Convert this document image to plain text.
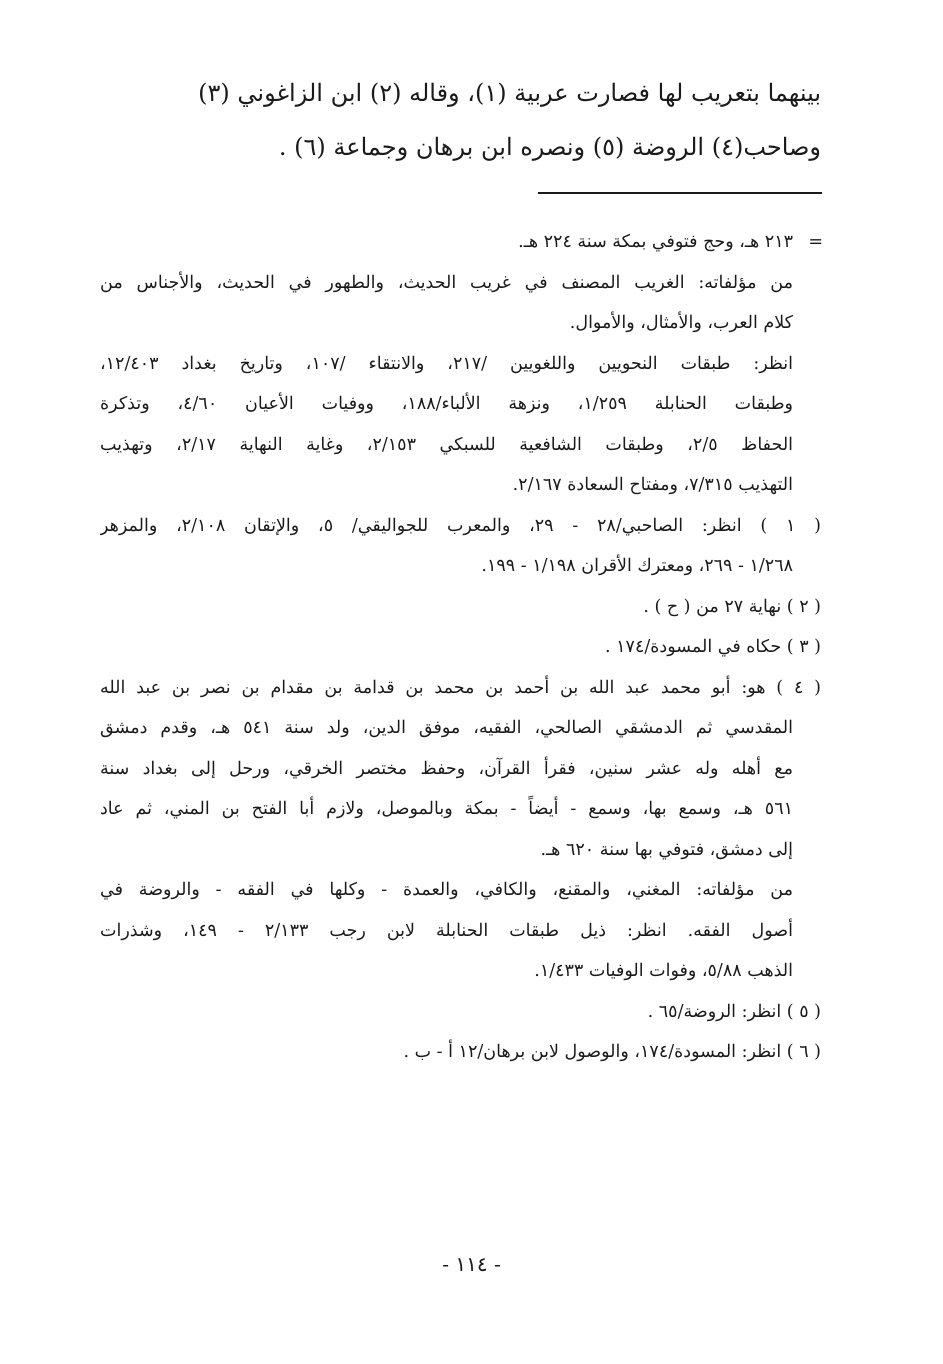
بينهما بتعريب لها فصارت عربية (١)، وقاله (٢) ابن الزاغوني (٣)

وصاحب(٤) الروضة (٥) ونصره ابن برهان وجماعة (٦) .

=
٢١٣ هـ، وحج فتوفي بمكة سنة ٢٢٤ هـ.
من مؤلفاته: الغريب المصنف في غريب الحديث، والطهور في الحديث، والأجناس من
كلام العرب، والأمثال، والأموال.
انظر: طبقات النحويين واللغويين /٢١٧، والانتقاء /١٠٧، وتاريخ بغداد ١٢/٤٠٣،
وطبقات الحنابلة ١/٢٥٩، ونزهة الألباء/١٨٨، ووفيات الأعيان ٤/٦٠، وتذكرة
الحفاظ ٢/٥، وطبقات الشافعية للسبكي ٢/١٥٣، وغاية النهاية ٢/١٧، وتهذيب
التهذيب ٧/٣١٥، ومفتاح السعادة ٢/١٦٧.
( ١ ) انظر: الصاحبي/٢٨ - ٢٩، والمعرب للجواليقي/ ٥، والإتقان ٢/١٠٨، والمزهر
١/٢٦٨ - ٢٦٩، ومعترك الأقران ١/١٩٨ - ١٩٩.
( ٢ ) نهاية ٢٧ من ( ح ) .
( ٣ ) حكاه في المسودة/١٧٤ .
( ٤ ) هو: أبو محمد عبد الله بن أحمد بن محمد بن قدامة بن مقدام بن نصر بن عبد الله
المقدسي ثم الدمشقي الصالحي، الفقيه، موفق الدين، ولد سنة ٥٤١ هـ، وقدم دمشق
مع أهله وله عشر سنين، فقرأ القرآن، وحفظ مختصر الخرقي، ورحل إلى بغداد سنة
٥٦١ هـ، وسمع بها، وسمع - أيضاً - بمكة وبالموصل، ولازم أبا الفتح بن المني، ثم عاد
إلى دمشق، فتوفي بها سنة ٦٢٠ هـ.
من مؤلفاته: المغني، والمقنع، والكافي، والعمدة - وكلها في الفقه - والروضة في
أصول الفقه. انظر: ذيل طبقات الحنابلة لابن رجب ٢/١٣٣ - ١٤٩، وشذرات
الذهب ٥/٨٨، وفوات الوفيات ١/٤٣٣.
( ٥ ) انظر: الروضة/٦٥ .
( ٦ ) انظر: المسودة/١٧٤، والوصول لابن برهان/١٢ أ - ب .
- ١١٤ -
